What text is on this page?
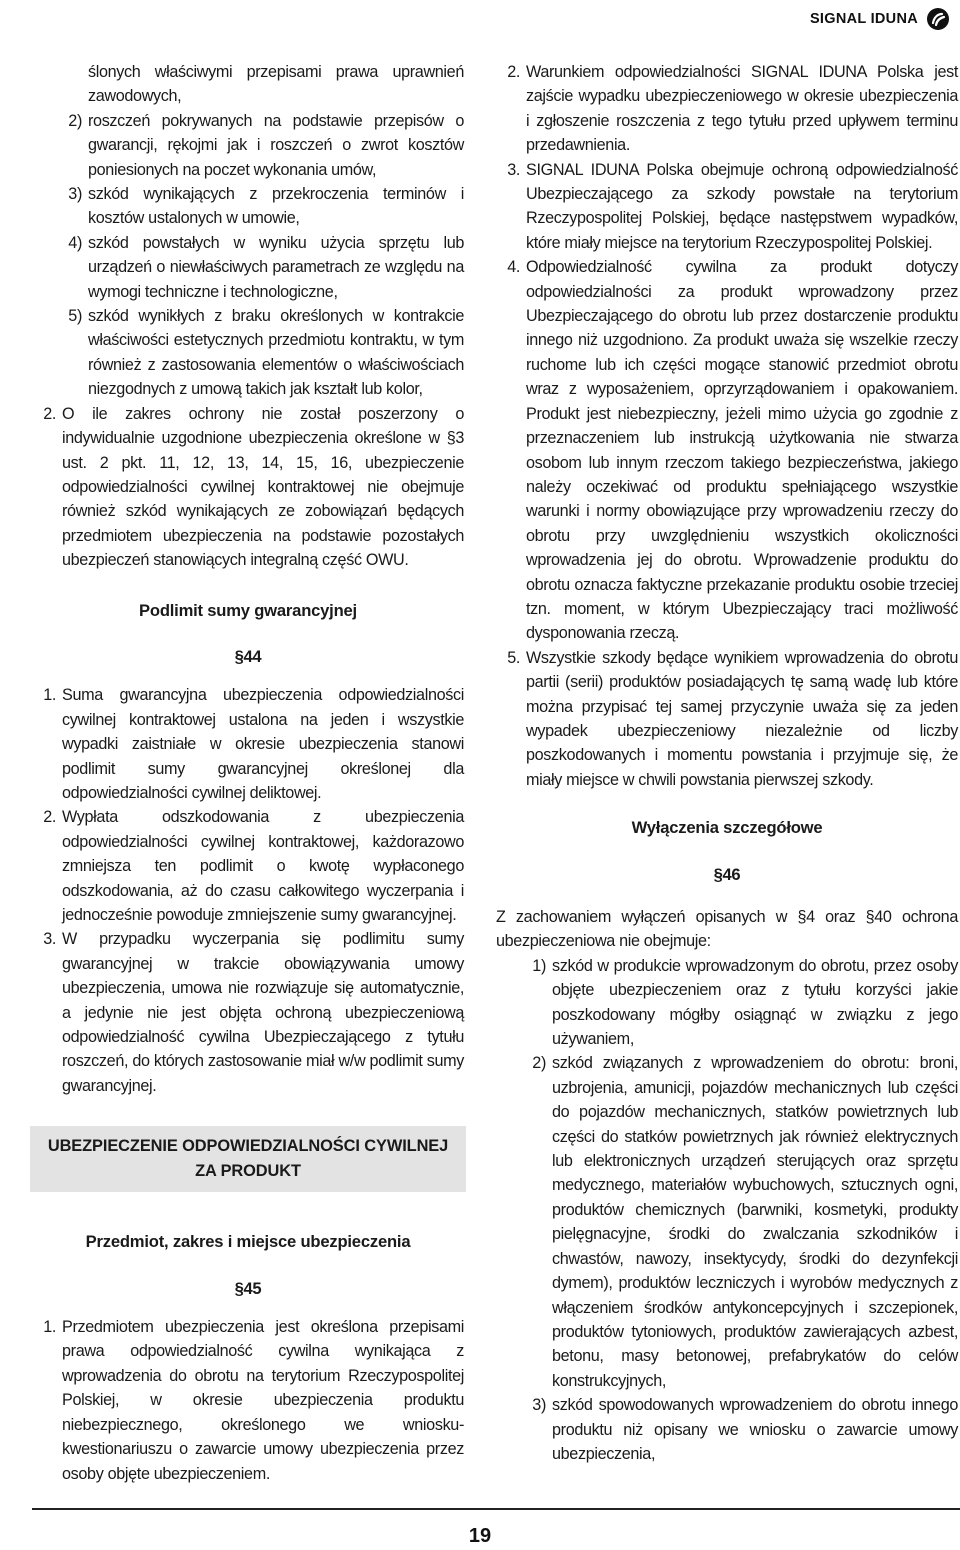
SIGNAL IDUNA
ślonych właściwymi przepisami prawa uprawnień zawodowych,
2) roszczeń pokrywanych na podstawie przepisów o gwarancji, rękojmi jak i roszczeń o zwrot kosztów poniesionych na poczet wykonania umów,
3) szkód wynikających z przekroczenia terminów i kosztów ustalonych w umowie,
4) szkód powstałych w wyniku użycia sprzętu lub urządzeń o niewłaściwych parametrach ze względu na wymogi techniczne i technologiczne,
5) szkód wynikłych z braku określonych w kontrakcie właściwości estetycznych przedmiotu kontraktu, w tym również z zastosowania elementów o właściwościach niezgodnych z umową takich jak kształt lub kolor,
2. O ile zakres ochrony nie został poszerzony o indywidualnie uzgodnione ubezpieczenia określone w §3 ust. 2 pkt. 11, 12, 13, 14, 15, 16, ubezpieczenie odpowiedzialności cywilnej kontraktowej nie obejmuje również szkód wynikających ze zobowiązań będących przedmiotem ubezpieczenia na podstawie pozostałych ubezpieczeń stanowiących integralną część OWU.
Podlimit sumy gwarancyjnej
§44
1. Suma gwarancyjna ubezpieczenia odpowiedzialności cywilnej kontraktowej ustalona na jeden i wszystkie wypadki zaistniałe w okresie ubezpieczenia stanowi podlimit sumy gwarancyjnej określonej dla odpowiedzialności cywilnej deliktowej.
2. Wypłata odszkodowania z ubezpieczenia odpowiedzialności cywilnej kontraktowej, każdorazowo zmniejsza ten podlimit o kwotę wypłaconego odszkodowania, aż do czasu całkowitego wyczerpania i jednocześnie powoduje zmniejszenie sumy gwarancyjnej.
3. W przypadku wyczerpania się podlimitu sumy gwarancyjnej w trakcie obowiązywania umowy ubezpieczenia, umowa nie rozwiązuje się automatycznie, a jedynie nie jest objęta ochroną ubezpieczeniową odpowiedzialność cywilna Ubezpieczającego z tytułu roszczeń, do których zastosowanie miał w/w podlimit sumy gwarancyjnej.
UBEZPIECZENIE ODPOWIEDZIALNOŚCI CYWILNEJ
ZA PRODUKT
Przedmiot, zakres i miejsce ubezpieczenia
§45
1. Przedmiotem ubezpieczenia jest określona przepisami prawa odpowiedzialność cywilna wynikająca z wprowadzenia do obrotu na terytorium Rzeczypospolitej Polskiej, w okresie ubezpieczenia produktu niebezpiecznego, określonego we wniosku-kwestionariuszu o zawarcie umowy ubezpieczenia przez osoby objęte ubezpieczeniem.
2. Warunkiem odpowiedzialności SIGNAL IDUNA Polska jest zajście wypadku ubezpieczeniowego w okresie ubezpieczenia i zgłoszenie roszczenia z tego tytułu przed upływem terminu przedawnienia.
3. SIGNAL IDUNA Polska obejmuje ochroną odpowiedzialność Ubezpieczającego za szkody powstałe na terytorium Rzeczypospolitej Polskiej, będące następstwem wypadków, które miały miejsce na terytorium Rzeczypospolitej Polskiej.
4. Odpowiedzialność cywilna za produkt dotyczy odpowiedzialności za produkt wprowadzony przez Ubezpieczającego do obrotu lub przez dostarczenie produktu innego niż uzgodniono. Za produkt uważa się wszelkie rzeczy ruchome lub ich części mogące stanowić przedmiot obrotu wraz z wyposażeniem, oprzyrządowaniem i opakowaniem. Produkt jest niebezpieczny, jeżeli mimo użycia go zgodnie z przeznaczeniem lub instrukcją użytkowania nie stwarza osobom lub innym rzeczom takiego bezpieczeństwa, jakiego należy oczekiwać od produktu spełniającego wszystkie warunki i normy obowiązujące przy wprowadzeniu rzeczy do obrotu przy uwzględnieniu wszystkich okoliczności wprowadzenia jej do obrotu. Wprowadzenie produktu do obrotu oznacza faktyczne przekazanie produktu osobie trzeciej tzn. moment, w którym Ubezpieczający traci możliwość dysponowania rzeczą.
5. Wszystkie szkody będące wynikiem wprowadzenia do obrotu partii (serii) produktów posiadających tę samą wadę lub które można przypisać tej samej przyczynie uważa się za jeden wypadek ubezpieczeniowy niezależnie od liczby poszkodowanych i momentu powstania i przyjmuje się, że miały miejsce w chwili powstania pierwszej szkody.
Wyłączenia szczegółowe
§46
Z zachowaniem wyłączeń opisanych w §4 oraz §40 ochrona ubezpieczeniowa nie obejmuje:
1) szkód w produkcie wprowadzonym do obrotu, przez osoby objęte ubezpieczeniem oraz z tytułu korzyści jakie poszkodowany mógłby osiągnąć w związku z jego używaniem,
2) szkód związanych z wprowadzeniem do obrotu: broni, uzbrojenia, amunicji, pojazdów mechanicznych lub części do pojazdów mechanicznych, statków powietrznych lub części do statków powietrznych jak również elektrycznych lub elektronicznych urządzeń sterujących oraz sprzętu medycznego, materiałów wybuchowych, sztucznych ogni, produktów chemicznych (barwniki, kosmetyki, produkty pielęgnacyjne, środki do zwalczania szkodników i chwastów, nawozy, insektycydy, środki do dezynfekcji dymem), produktów leczniczych i wyrobów medycznych z włączeniem środków antykoncepcyjnych i szczepionek, produktów tytoniowych, produktów zawierających azbest, betonu, masy betonowej, prefabrykatów do celów konstrukcyjnych,
3) szkód spowodowanych wprowadzeniem do obrotu innego produktu niż opisany we wniosku o zawarcie umowy ubezpieczenia,
19
